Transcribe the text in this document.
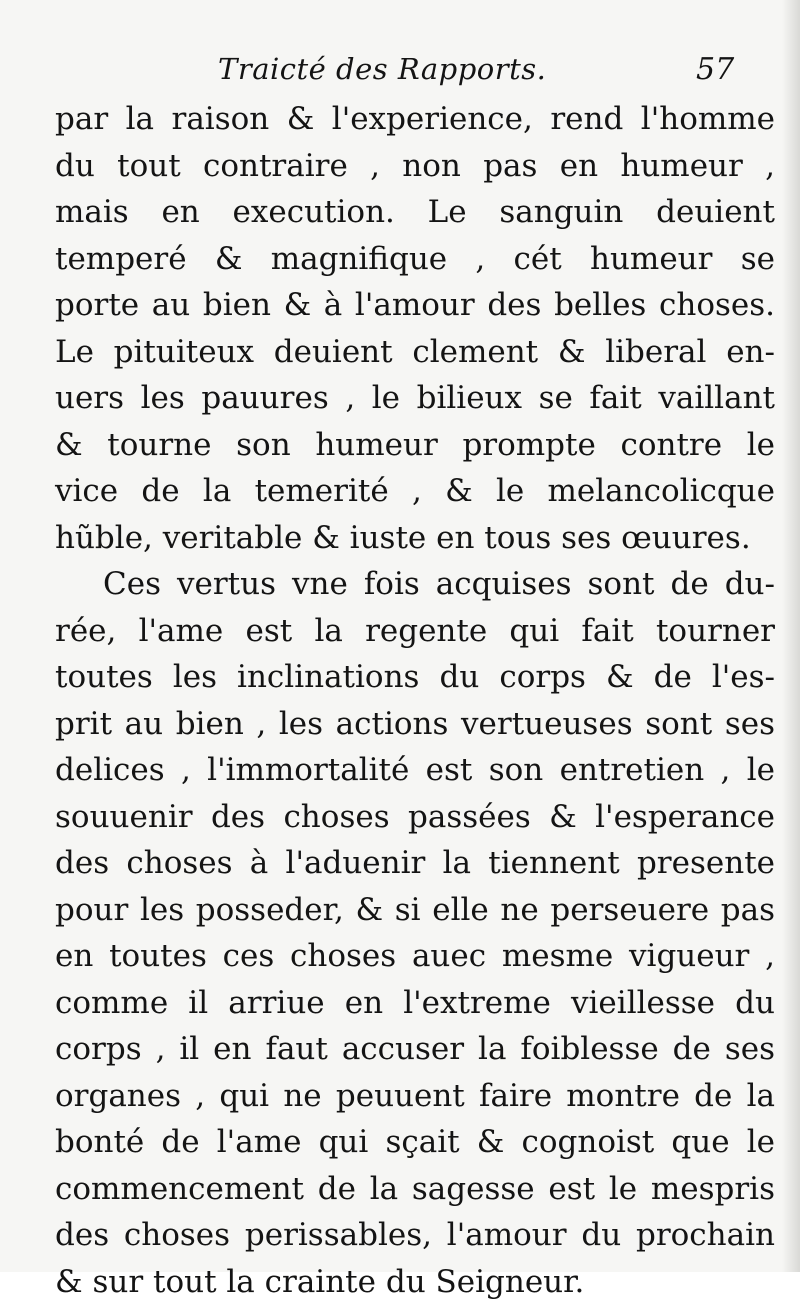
Traicté des Rapports.	57
par la raison & l'experience, rend l'homme
du tout contraire , non pas en humeur ,
mais en execution. Le sanguin deuient
temperé & magnifique , cét humeur se
porte au bien & à l'amour des belles choses.
Le pituiteux deuient clement & liberal en-
uers les pauures , le bilieux se fait vaillant
& tourne son humeur prompte contre le
vice de la temerité , & le melancolicque
hũble, veritable & iuste en tous ses œuures.
Ces vertus vne fois acquises sont de du-
rée, l'ame est la regente qui fait tourner
toutes les inclinations du corps & de l'es-
prit au bien , les actions vertueuses sont ses
delices , l'immortalité est son entretien , le
souuenir des choses passées & l'esperance
des choses à l'aduenir la tiennent presente
pour les posseder, & si elle ne perseuere pas
en toutes ces choses auec mesme vigueur ,
comme il arriue en l'extreme vieillesse du
corps , il en faut accuser la foiblesse de ses
organes , qui ne peuuent faire montre de la
bonté de l'ame qui sçait & cognoist que le
commencement de la sagesse est le mespris
des choses perissables, l'amour du prochain
& sur tout la crainte du Seigneur.
